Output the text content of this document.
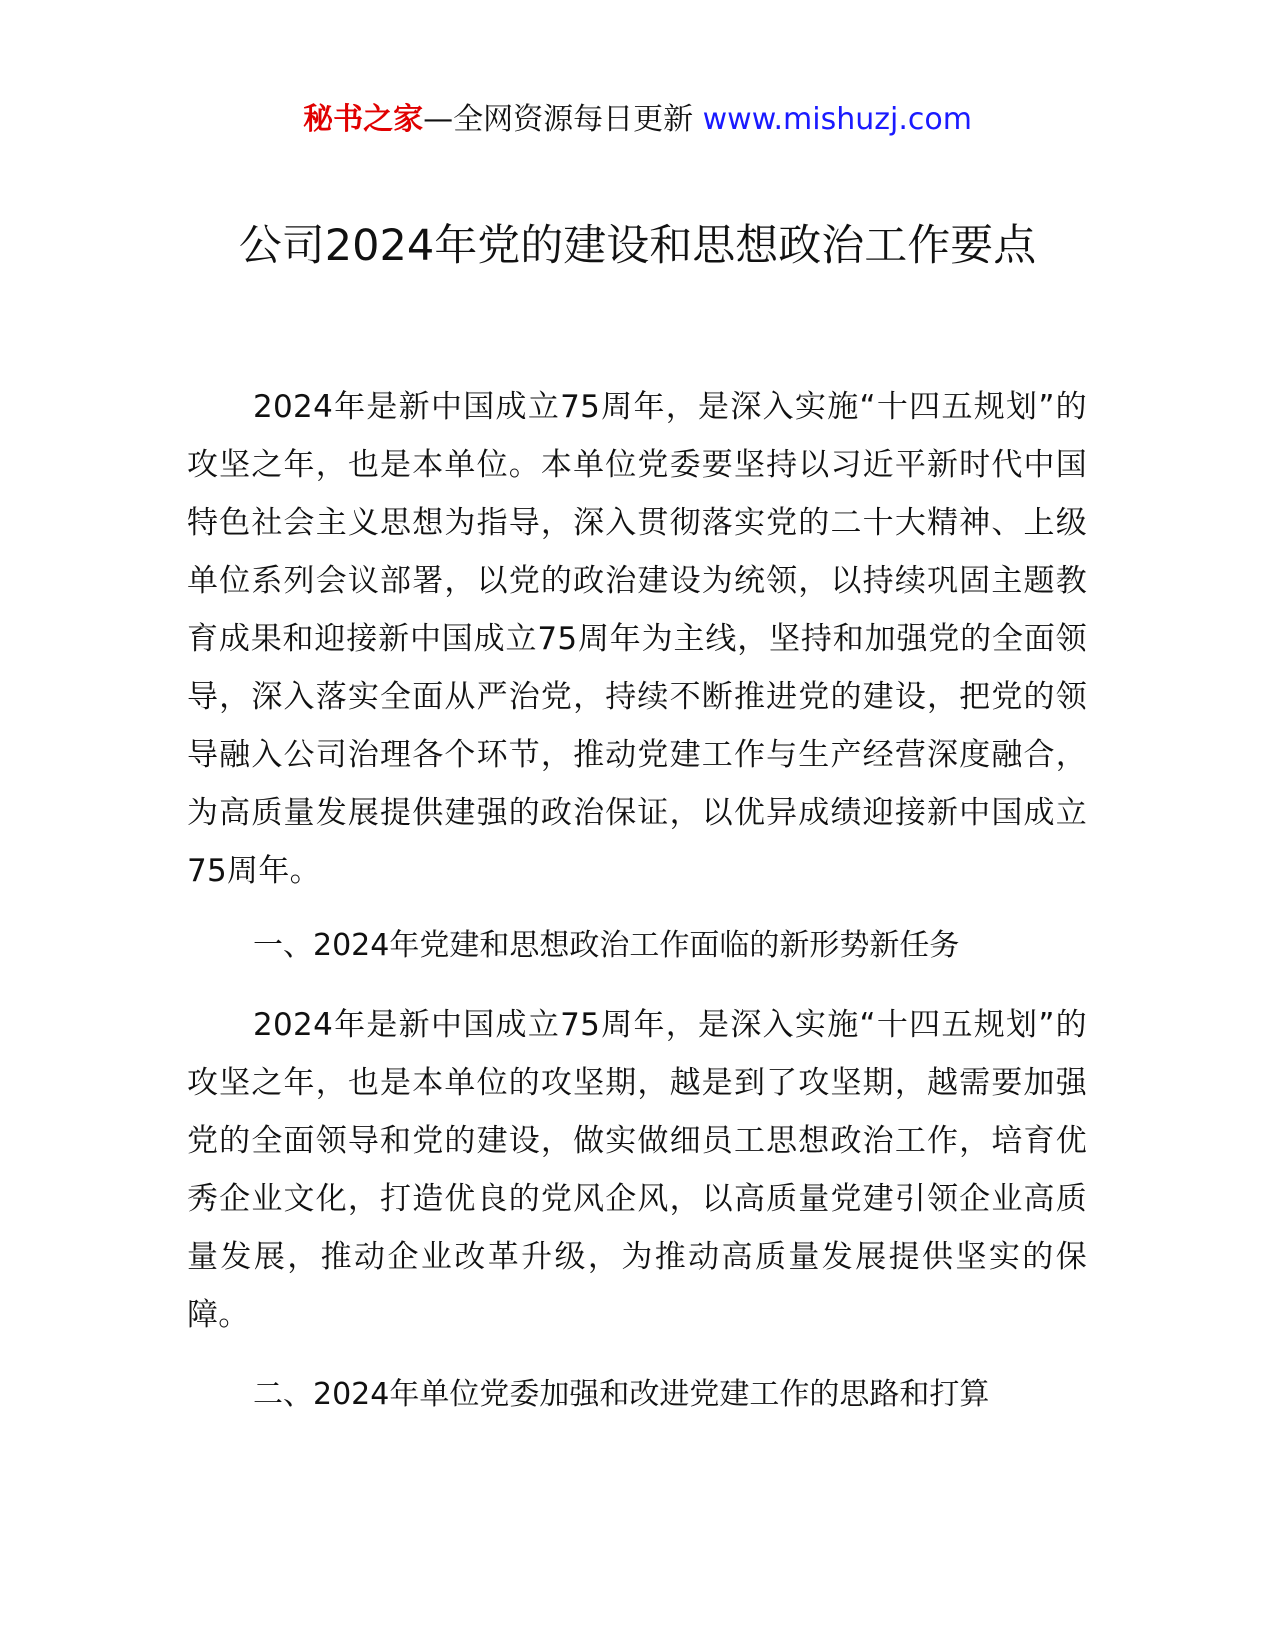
秘书之家—全网资源每日更新 www.mishuzj.com
公司2024年党的建设和思想政治工作要点

2024年是新中国成立75周年，是深入实施“十四五规划”的攻坚之年，也是本单位。本单位党委要坚持以习近平新时代中国特色社会主义思想为指导，深入贯彻落实党的二十大精神、上级单位系列会议部署，以党的政治建设为统领，以持续巩固主题教育成果和迎接新中国成立75周年为主线，坚持和加强党的全面领导，深入落实全面从严治党，持续不断推进党的建设，把党的领导融入公司治理各个环节，推动党建工作与生产经营深度融合，为高质量发展提供建强的政治保证，以优异成绩迎接新中国成立75周年。

一、2024年党建和思想政治工作面临的新形势新任务

2024年是新中国成立75周年，是深入实施“十四五规划”的攻坚之年，也是本单位的攻坚期，越是到了攻坚期，越需要加强党的全面领导和党的建设，做实做细员工思想政治工作，培育优秀企业文化，打造优良的党风企风，以高质量党建引领企业高质量发展，推动企业改革升级，为推动高质量发展提供坚实的保障。

二、2024年单位党委加强和改进党建工作的思路和打算
